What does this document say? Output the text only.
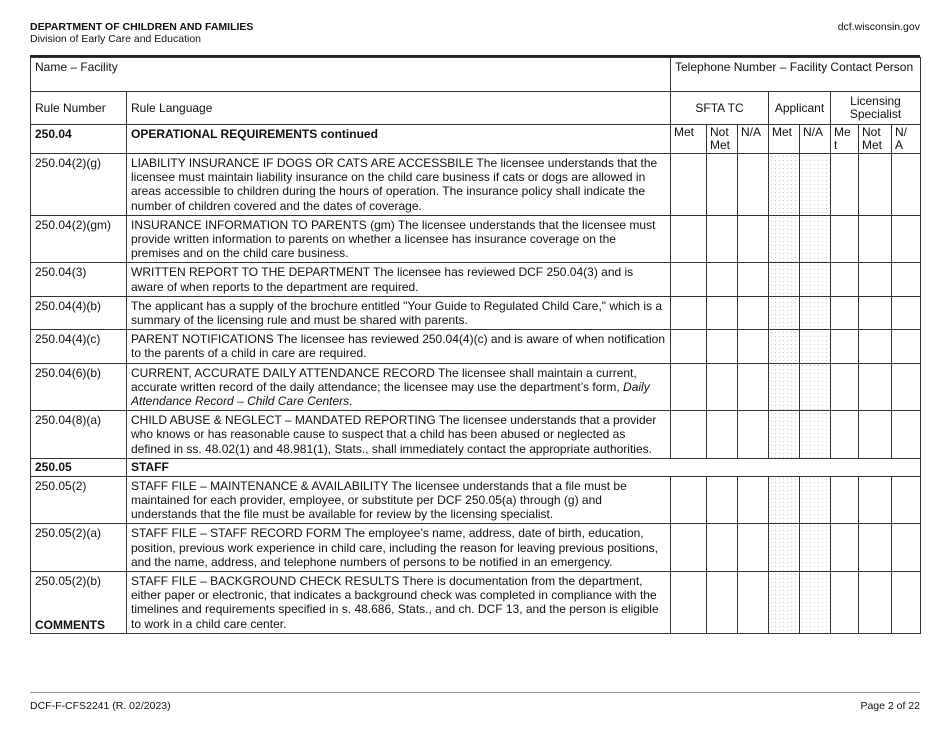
DEPARTMENT OF CHILDREN AND FAMILIES
Division of Early Care and Education
dcf.wisconsin.gov
Name – Facility		Telephone Number – Facility Contact Person							
Rule Number	Rule Language	SFTA TC			Applicant		Licensing Specialist		
250.04	OPERATIONAL REQUIREMENTS continued	Met	Not Met	N/A	Met	N/A	Me t	Not Met	N/ A
250.04(2)(g)	LIABILITY INSURANCE IF DOGS OR CATS ARE ACCESSBILE The licensee understands that the licensee must maintain liability insurance on the child care business if cats or dogs are allowed in areas accessible to children during the hours of operation. The insurance policy shall indicate the number of children covered and the dates of coverage.								
250.04(2)(gm)	INSURANCE INFORMATION TO PARENTS (gm) The licensee understands that the licensee must provide written information to parents on whether a licensee has insurance coverage on the premises and on the child care business.								
250.04(3)	WRITTEN REPORT TO THE DEPARTMENT The licensee has reviewed DCF 250.04(3) and is aware of when reports to the department are required.								
250.04(4)(b)	The applicant has a supply of the brochure entitled "Your Guide to Regulated Child Care," which is a summary of the licensing rule and must be shared with parents.								
250.04(4)(c)	PARENT NOTIFICATIONS The licensee has reviewed 250.04(4)(c) and is aware of when notification to the parents of a child in care are required.								
250.04(6)(b)	CURRENT, ACCURATE DAILY ATTENDANCE RECORD The licensee shall maintain a current, accurate written record of the daily attendance; the licensee may use the department’s form, Daily Attendance Record – Child Care Centers.								
250.04(8)(a)	CHILD ABUSE & NEGLECT – MANDATED REPORTING The licensee understands that a provider who knows or has reasonable cause to suspect that a child has been abused or neglected as defined in ss. 48.02(1) and 48.981(1), Stats., shall immediately contact the appropriate authorities.								
250.05	STAFF								
250.05(2)	STAFF FILE – MAINTENANCE & AVAILABILITY The licensee understands that a file must be maintained for each provider, employee, or substitute per DCF 250.05(a) through (g) and understands that the file must be available for review by the licensing specialist.								
250.05(2)(a)	STAFF FILE – STAFF RECORD FORM The employee’s name, address, date of birth, education, position, previous work experience in child care, including the reason for leaving previous positions, and the name, address, and telephone numbers of persons to be notified in an emergency.								
250.05(2)(b)	STAFF FILE – BACKGROUND CHECK RESULTS There is documentation from the department, either paper or electronic, that indicates a background check was completed in compliance with the timelines and requirements specified in s. 48.686, Stats., and ch. DCF 13, and the person is eligible to work in a child care center.								
COMMENTS
DCF-F-CFS2241 (R. 02/2023)	Page 2 of 22
